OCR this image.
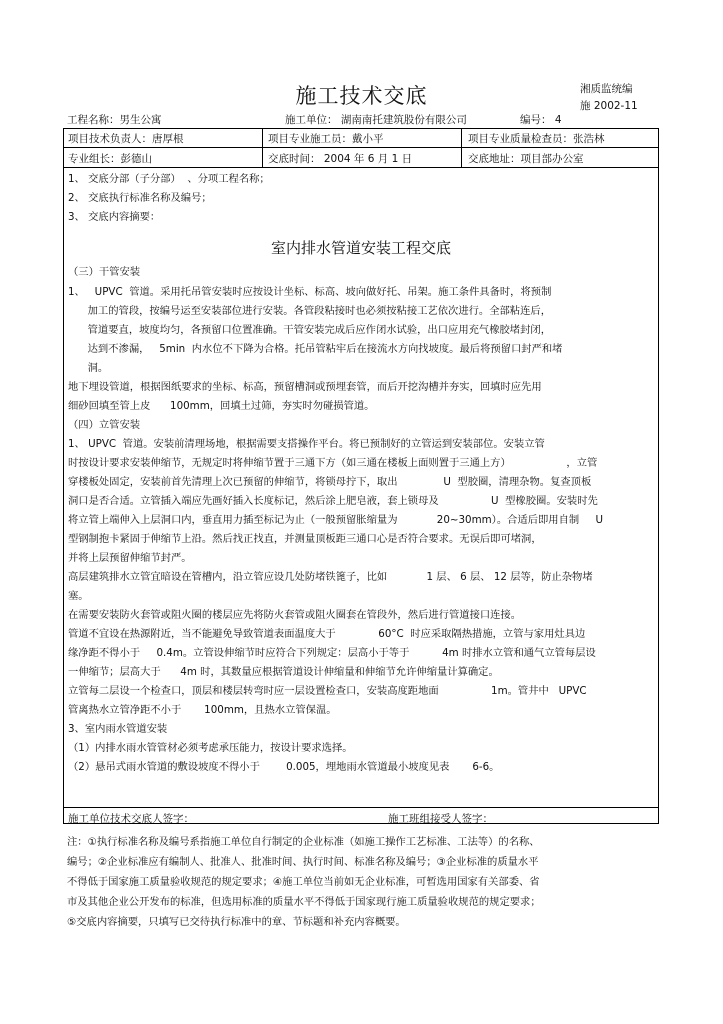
施工技术交底	湘质监统编
施 2002-11
工程名称：男生公寓	施工单位： 湖南南托建筑股份有限公司	编号： 4
项目技术负责人：唐厚根	项目专业施工员：戴小平	项目专业质量检查员：张浩林
专业组长：彭德山	交底时间： 2004 年 6 月 1 日	交底地址：项目部办公室
1、 交底分部（子分部）  、分项工程名称；
2、 交底执行标准名称及编号；
3、 交底内容摘要：
室内排水管道安装工程交底
（三）干管安装
1、   UPVC  管道。采用托吊管安装时应按设计坐标、标高、坡向做好托、吊架。施工条件具备时，将预制
加工的管段，按编号运至安装部位进行安装。各管段粘接时也必须按粘接工艺依次进行。全部粘连后，
管道要直，坡度均匀，各预留口位置准确。干管安装完成后应作闭水试验，出口应用充气橡胶堵封闭，
达到不渗漏，   5min  内水位不下降为合格。托吊管粘牢后在接流水方向找坡度。最后将预留口封严和堵
洞。
地下埋设管道，根据图纸要求的坐标、标高，预留槽洞或预埋套管，而后开挖沟槽并夯实，回填时应先用
细砂回填至管上皮      100mm，回填土过筛，夯实时勿碰损管道。
（四）立管安装
1、 UPVC  管道。安装前清理场地，根据需要支搭操作平台。将已预制好的立管运到安装部位。安装立管
时按设计要求安装伸缩节，无规定时将伸缩节置于三通下方（如三通在楼板上面则置于三通上方）                 ，立管
穿楼板处固定，安装前首先清理上次已预留的伸缩节，将锁母拧下，取出              U  型胶圈，清理杂物。复查顶板
洞口是否合适。立管插入端应先画好插入长度标记，然后涂上肥皂液，套上锁母及                U  型橡胶圈。安装时先
将立管上端伸入上层洞口内，垂直用力插至标记为止（一般预留胀缩量为            20~30mm）。合适后即用自制     U
型钢制抱卡紧固于伸缩节上沿。然后找正找直，并测量顶板距三通口心是否符合要求。无误后即可堵洞，
并将上层预留伸缩节封严。
高层建筑排水立管宜暗设在管槽内，沿立管应设几处防堵铁篦子，比如            1 层、 6 层、 12 层等，防止杂物堵
塞。
在需要安装防火套管或阻火圈的楼层应先将防火套管或阻火圈套在管段外，然后进行管道接口连接。
管道不宜设在热源附近，当不能避免导致管道表面温度大于             60°C  时应采取隔热措施，立管与家用灶具边
缘净距不得小于     0.4m。立管设伸缩节时应符合下列规定：层高小于等于          4m 时排水立管和通气立管每层设
一伸缩节；层高大于      4m 时，其数量应根据管道设计伸缩量和伸缩节允许伸缩量计算确定。
立管每二层设一个检查口，顶层和楼层转弯时应一层设置检查口，安装高度距地面                1m。管井中   UPVC
管离热水立管净距不小于       100mm，且热水立管保温。
3、室内雨水管道安装
（1）内排水雨水管管材必须考虑承压能力，按设计要求选择。
（2）悬吊式雨水管道的敷设坡度不得小于        0.005，埋地雨水管道最小坡度见表       6-6。
施工单位技术交底人签字：	施工班组接受人签字：
注：①执行标准名称及编号系指施工单位自行制定的企业标准（如施工操作工艺标准、工法等）的名称、
编号；②企业标准应有编制人、批准人、批准时间、执行时间、标准名称及编号；③企业标准的质量水平
不得低于国家施工质量验收规范的规定要求；④施工单位当前如无企业标准，可暂选用国家有关部委、省
市及其他企业公开发布的标准，但选用标准的质量水平不得低于国家现行施工质量验收规范的规定要求；
⑤交底内容摘要，只填写已交待执行标准中的章、节标题和补充内容概要。
